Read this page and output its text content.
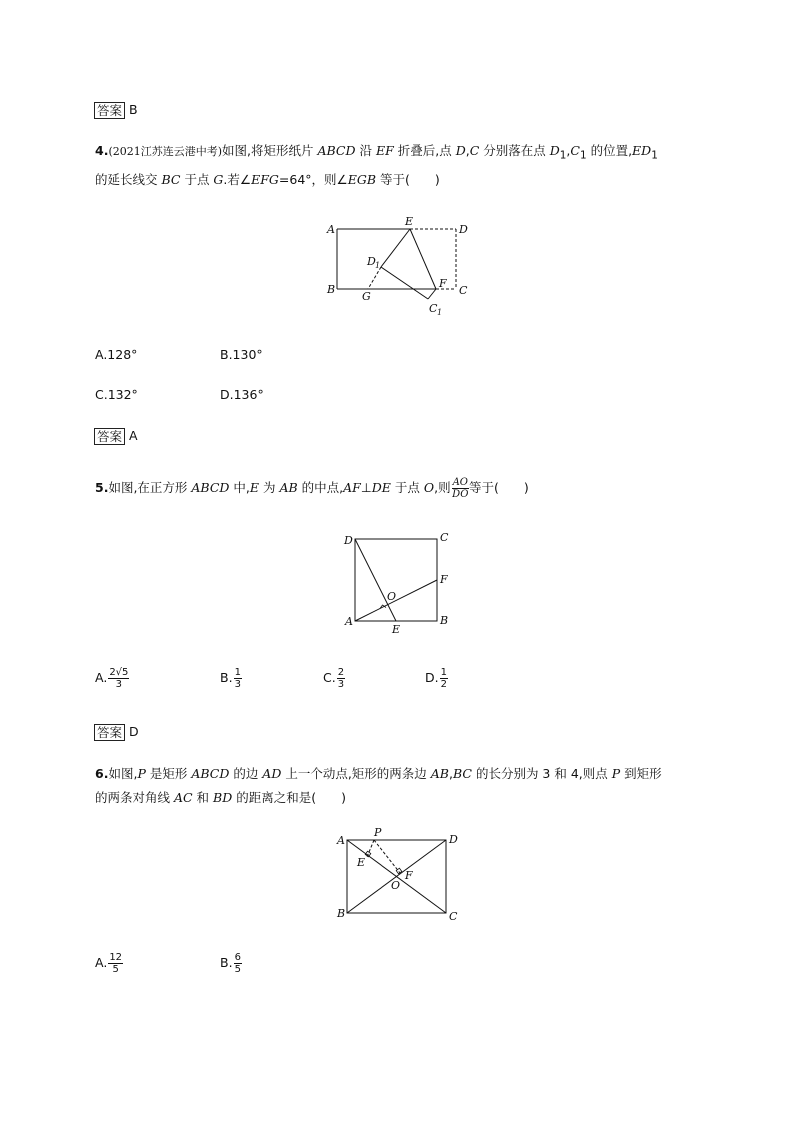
答案 B
4.(2021江苏连云港中考)如图,将矩形纸片 ABCD 沿 EF 折叠后,点 D,C 分别落在点 $D_1,C_1$ 的位置$,ED_1$
的延长线交 BC 于点 G.若∠EFG=64°，则∠EGB 等于(　　)
A
E
D
D 1
F
B
G	C
C 1
A.128°	B.130°
C.132°	D.136°
答案 A
5.如图,在正方形 ABCD 中,E 为 AB 的中点,AF⊥DE 于点 O,则 $\frac{AO}{DO}$ 等于(　　)
D	C
F
O
A
E
B
A. $\frac{2√5}{3}$	B. $\frac{1}{3}$	C. $\frac{2}{3}$	D. $\frac{1}{2}$
答案 D
6.如图,P 是矩形 ABCD 的边 AD 上一个动点,矩形的两条边 AB,BC 的长分别为 3 和 4,则点 P 到矩形
的两条对角线 AC 和 BD 的距离之和是(　　)
A
P
D
E
O
F
B	C
A. $\frac{12}{5}$	B. $\frac{6}{5}$
